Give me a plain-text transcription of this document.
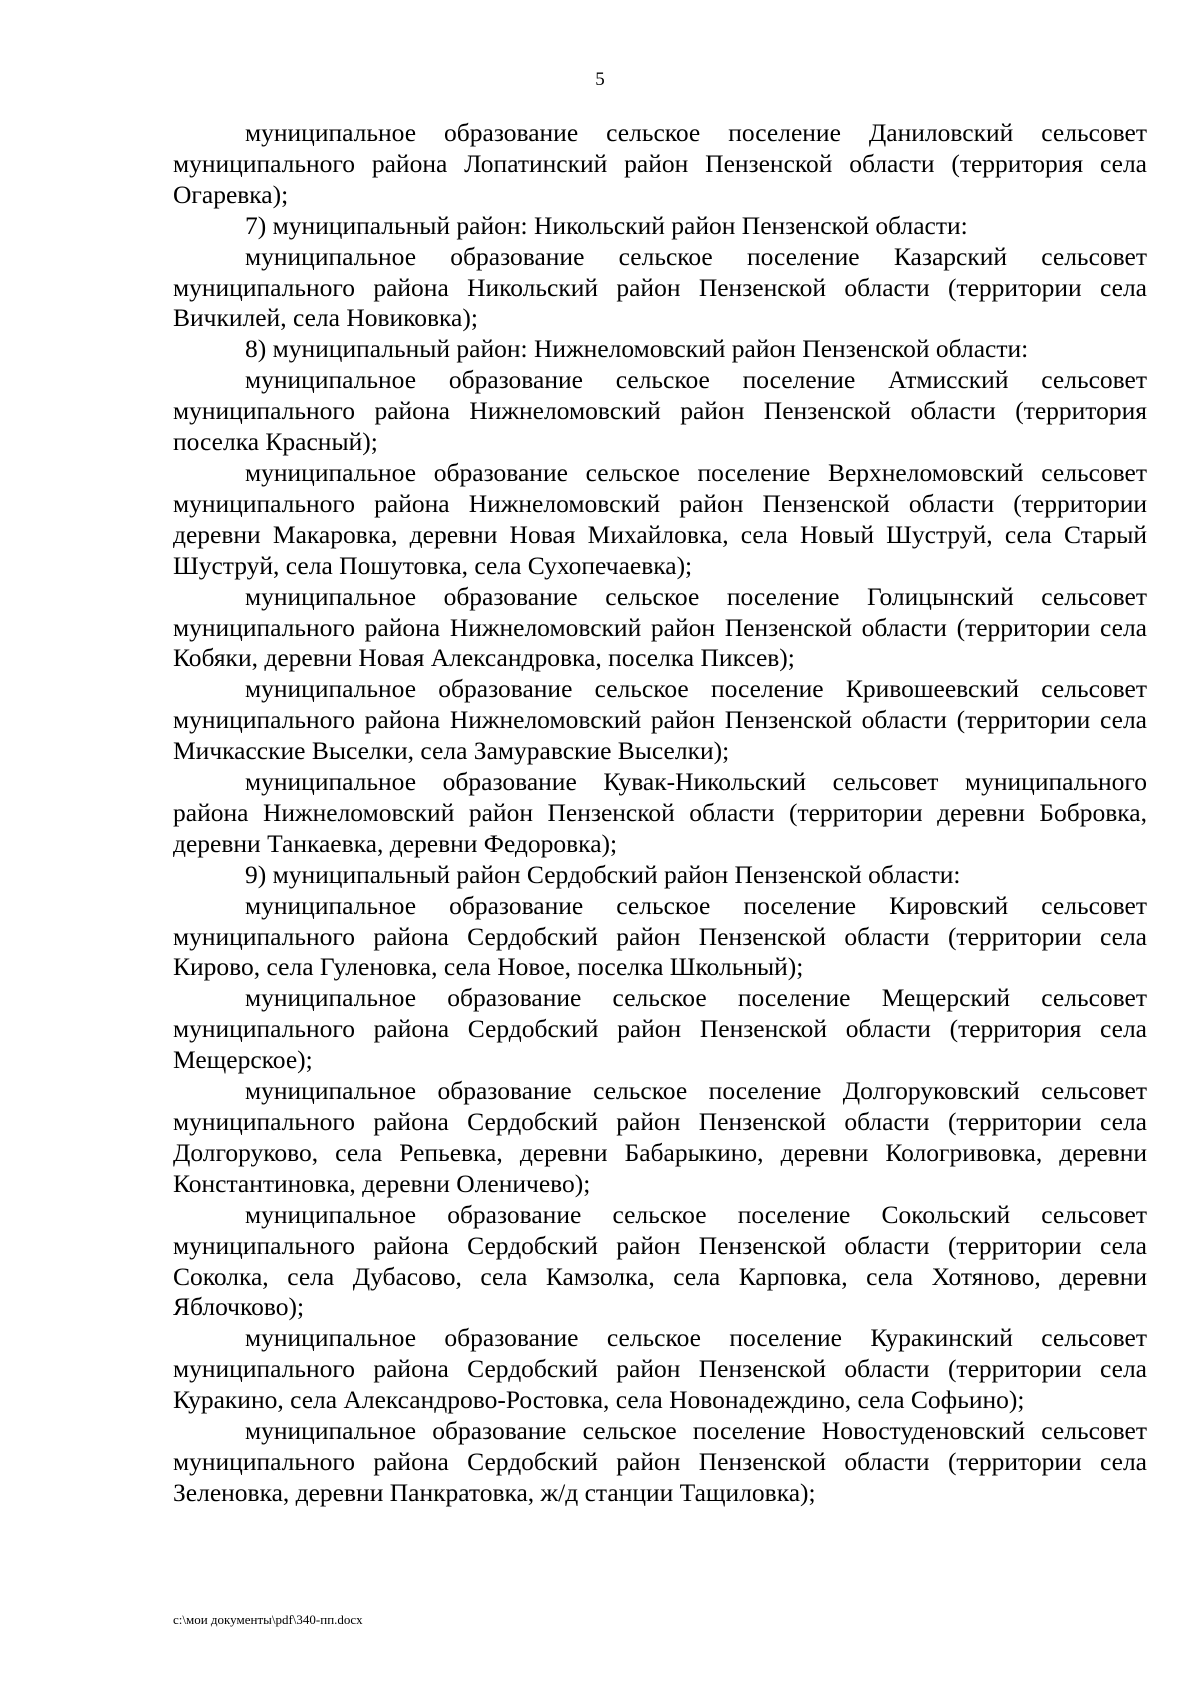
5

муниципальное образование сельское поселение Даниловский сельсовет муниципального района Лопатинский район Пензенской области (территория села Огаревка);

7) муниципальный район: Никольский район Пензенской области:

муниципальное образование сельское поселение Казарский сельсовет муниципального района Никольский район Пензенской области (территории села Вичкилей, села Новиковка);

8) муниципальный район: Нижнеломовский район Пензенской области:

муниципальное образование сельское поселение Атмисский сельсовет муниципального района Нижнеломовский район Пензенской области (территория поселка Красный);

муниципальное образование сельское поселение Верхнеломовский сельсовет муниципального района Нижнеломовский район Пензенской области (территории деревни Макаровка, деревни Новая Михайловка, села Новый Шуструй, села Старый Шуструй, села Пошутовка, села Сухопечаевка);

муниципальное образование сельское поселение Голицынский сельсовет муниципального района Нижнеломовский район Пензенской области (территории села Кобяки, деревни Новая Александровка, поселка Пиксев);

муниципальное образование сельское поселение Кривошеевский сельсовет муниципального района Нижнеломовский район Пензенской области (территории села Мичкасские Выселки, села Замуравские Выселки);

муниципальное образование Кувак-Никольский сельсовет муниципального района Нижнеломовский район Пензенской области (территории деревни Бобровка, деревни Танкаевка, деревни Федоровка);

9) муниципальный район Сердобский район Пензенской области:

муниципальное образование сельское поселение Кировский сельсовет муниципального района Сердобский район Пензенской области (территории села Кирово, села Гуленовка, села Новое, поселка Школьный);

муниципальное образование сельское поселение Мещерский сельсовет муниципального района Сердобский район Пензенской области (территория села Мещерское);

муниципальное образование сельское поселение Долгоруковский сельсовет муниципального района Сердобский район Пензенской области (территории села Долгоруково, села Репьевка, деревни Бабарыкино, деревни Кологривовка, деревни Константиновка, деревни Оленичево);

муниципальное образование сельское поселение Сокольский сельсовет муниципального района Сердобский район Пензенской области (территории села Соколка, села Дубасово, села Камзолка, села Карповка, села Хотяново, деревни Яблочково);

муниципальное образование сельское поселение Куракинский сельсовет муниципального района Сердобский район Пензенской области (территории села Куракино, села Александрово-Ростовка, села Новонадеждино, села Софьино);

муниципальное образование сельское поселение Новостуденовский сельсовет муниципального района Сердобский район Пензенской области (территории села Зеленовка, деревни Панкратовка, ж/д станции Тащиловка);

c:\мои документы\pdf\340-пп.docx
